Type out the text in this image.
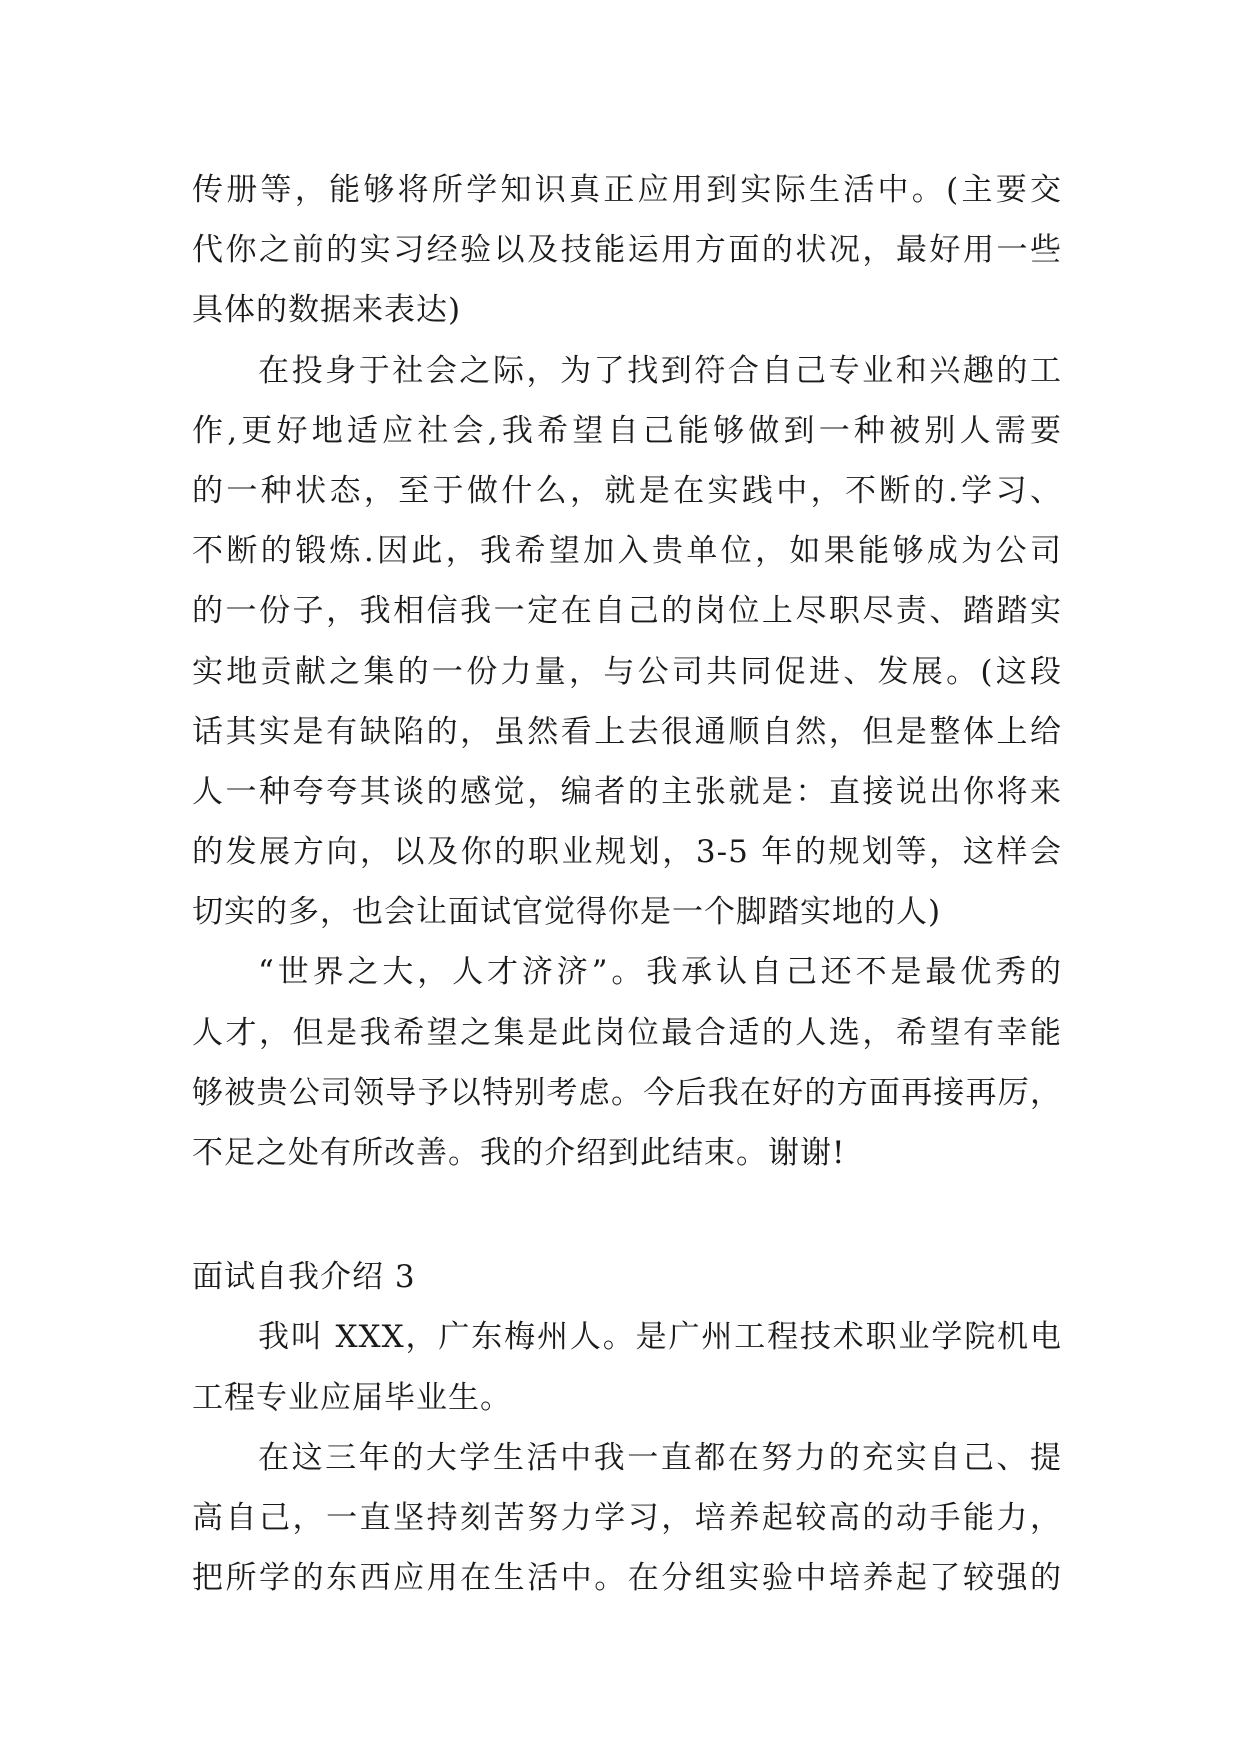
传册等，能够将所学知识真正应用到实际生活中。(主要交
代你之前的实习经验以及技能运用方面的状况，最好用一些
具体的数据来表达)
在投身于社会之际，为了找到符合自己专业和兴趣的工
作,更好地适应社会,我希望自己能够做到一种被别人需要
的一种状态，至于做什么，就是在实践中，不断的.学习、
不断的锻炼.因此，我希望加入贵单位，如果能够成为公司
的一份子，我相信我一定在自己的岗位上尽职尽责、踏踏实
实地贡献之集的一份力量，与公司共同促进、发展。(这段
话其实是有缺陷的，虽然看上去很通顺自然，但是整体上给
人一种夸夸其谈的感觉，编者的主张就是：直接说出你将来
的发展方向，以及你的职业规划，3-5 年的规划等，这样会
切实的多，也会让面试官觉得你是一个脚踏实地的人)
“世界之大，人才济济”。我承认自己还不是最优秀的
人才，但是我希望之集是此岗位最合适的人选，希望有幸能
够被贵公司领导予以特别考虑。今后我在好的方面再接再厉，
不足之处有所改善。我的介绍到此结束。谢谢!
面试自我介绍 3
我叫 XXX，广东梅州人。是广州工程技术职业学院机电
工程专业应届毕业生。
在这三年的大学生活中我一直都在努力的充实自己、提
高自己，一直坚持刻苦努力学习，培养起较高的动手能力，
把所学的东西应用在生活中。在分组实验中培养起了较强的
